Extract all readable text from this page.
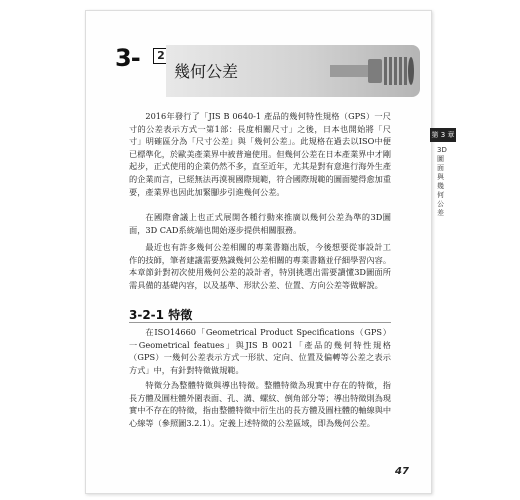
3-	2
幾何公差
第 3 章
3D圖面與幾何公差

2016年發行了「JIS B 0640-1 產品的幾何特性規格（GPS）一尺寸的公差表示方式一第1部：長度相關尺寸」之後，日本也開始將「尺寸」明確區分為「尺寸公差」與「幾何公差」。此規格在過去以ISO中便已標準化，於歐美產業界中被普遍使用。但幾何公差在日本產業界中才剛起步，正式使用的企業仍然不多，直至近年，尤其是對有意進行海外生產的企業而言，已經無法再漠視國際規範，符合國際規範的圖面變得愈加重要，產業界也因此加緊腳步引進幾何公差。

在國際會議上也正式展開各種行動來推廣以幾何公差為準的3D圖面，3D CAD系統端也開始逐步提供相關服務。

最近也有許多幾何公差相關的專業書籍出版，今後想要從事設計工作的技師，筆者建議需要熟識幾何公差相關的專業書籍並仔細學習內容。本章節針對初次使用幾何公差的設計者，特別挑選出需要讀懂3D圖面所需具備的基礎內容，以及基準、形狀公差、位置、方向公差等做解說。

3-2-1 特徵

在ISO14660「Geometrical Product Specifications（GPS）一Geometrical featues」與JIS B 0021「產品的幾何特性規格（GPS）一幾何公差表示方式一形狀、定向、位置及偏轉等公差之表示方式」中，有針對特徵做規範。

特徵分為整體特徵與導出特徵。整體特徵為現實中存在的特徵，指長方體及圓柱體外圍表面、孔、溝、螺紋、倒角部分等；導出特徵則為現實中不存在的特徵，指由整體特徵中衍生出的長方體及圓柱體的軸線與中心線等（參照圖3.2.1）。定義上述特徵的公差區域，即為幾何公差。

47
